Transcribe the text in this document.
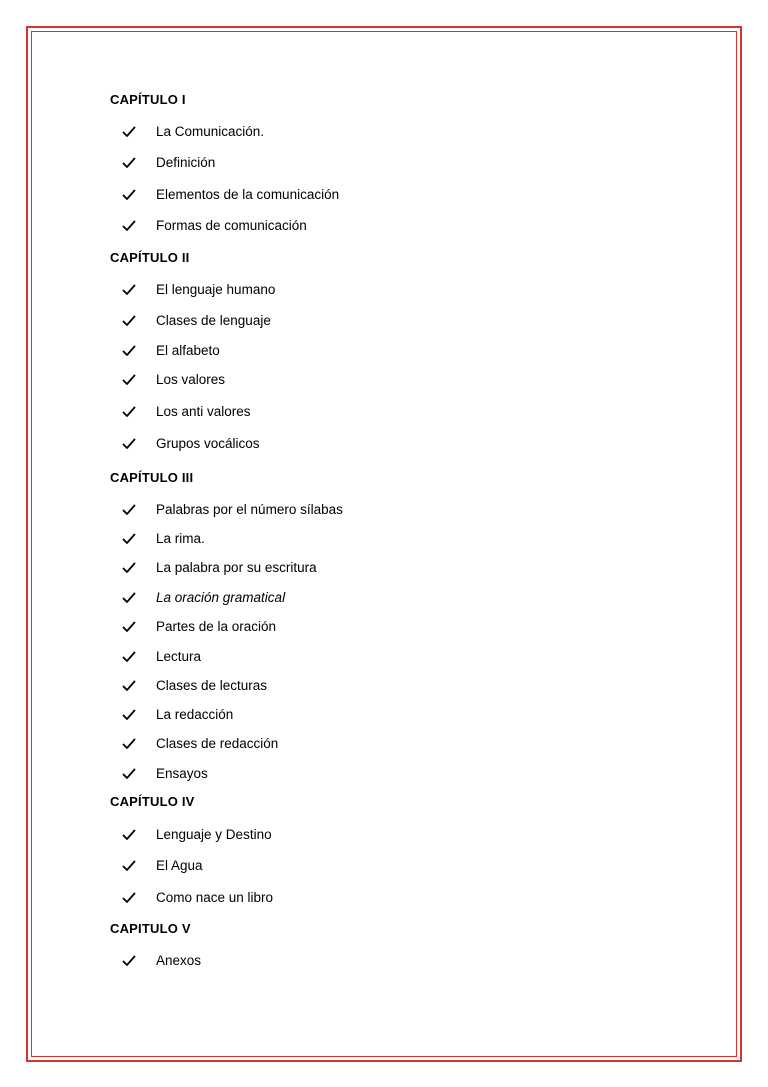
CAPÍTULO I
La Comunicación.
Definición
Elementos de la comunicación
Formas de comunicación
CAPÍTULO II
El lenguaje humano
Clases de lenguaje
El alfabeto
Los valores
Los anti valores
Grupos vocálicos
CAPÍTULO III
Palabras por el número sílabas
La rima.
La palabra por su escritura
La oración gramatical
Partes de la oración
Lectura
Clases de lecturas
La redacción
Clases de redacción
Ensayos
CAPÍTULO IV
Lenguaje y Destino
El Agua
Como nace un libro
CAPITULO V
Anexos
